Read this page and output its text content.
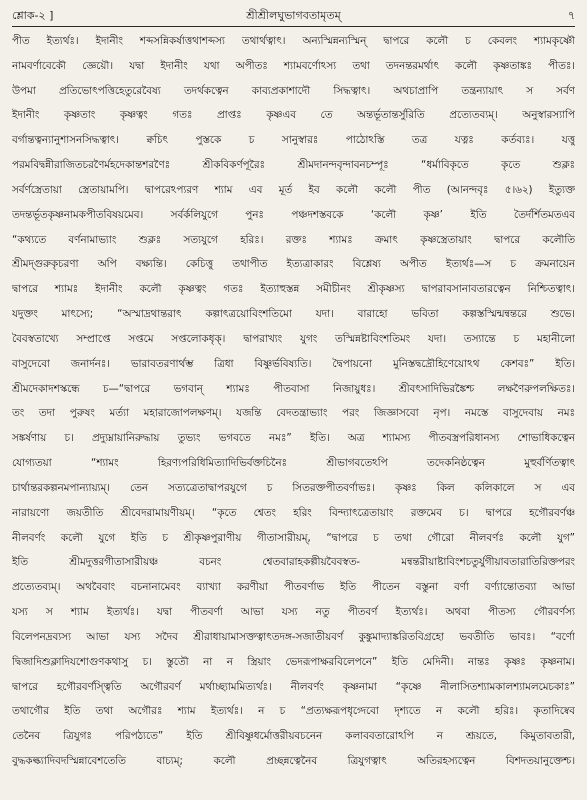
শ্লোক-২ ]	শ্রীশ্রীলঘুভাগবতামৃতম্	৭
পীত ইত্যর্থঃ। ইদানীং শব্দসন্নিকর্ষাত্তথাশব্দস্য তথার্থত্বাৎ। অন্যস্মিন্নন্যস্মিন্ দ্বাপরে কলৌ চ কেবলং শ্যামকৃষ্ণৌ
নামবর্ণাবেকৌ জ্ঞেয়ৌ। যদ্বা ইদানীং যথা অপীতঃ শ্যামবর্ণোঽস্য তথা তদনন্তরমর্থাৎ কলৌ কৃষ্ণতাঙ্কঃ পীতঃ।
উপমা প্রতিভোৎপত্তিহেতুরেবৈষ্য তদর্থকত্বেন কাব্যপ্রকাশাদৌ সিদ্ধত্বাৎ। অথচাপ্রাপি তন্ত্রন্যায়াৎ স সর্বণ
ইদানীং কৃষ্ণতাং কৃষ্ণত্বং গতঃ প্রাপ্তঃ কৃষ্ণএব তে অন্তর্ভূতান্তর্সুরিতি প্রত্যেতব্যম্। অনুস্বারস্যাপি
বর্গান্তত্বন্যানুশাসনসিদ্ধত্বাৎ। ক্বচিৎ পুস্তকে চ সানুস্বারঃ পাঠোঽস্তি তত্র যত্নঃ কর্তব্যঃ। যত্তু
পরমবিদ্বন্নীরাজিতচরণৈর্মহদেকান্তশরণৈঃ শ্রীকবিকর্ণপূরৈঃ শ্রীমদানন্দবৃন্দাবনচম্পূঃ “ধর্মাবিকৃতে কৃতে শুক্লঃ
সর্বর্ণস্ত্রেতায়া স্ত্রেতায়ামপি। দ্বাপরেঽপ্যরণ শ্যাম এব মূর্ত ইব কলৌ কলৌ পীত (আনন্দবৃঃ ৫।৬২) ইত্যুক্ত
তদন্তর্ভূতকৃষ্ণনামকপীতবিষয়মেব। সর্বর্কলিযুগে পুনঃ পঞ্চদশস্তবকে ‘কলৌ কৃষ্ণ’ ইতি তৈর্দর্শিতমতএব
“কথ্যতে বর্ণনামাভ্যাং শুক্লঃ সত্যযুগে হরিঃ। রক্তঃ শ্যামঃ ক্রমাৎ কৃষ্ণস্ত্রেতায়াং দ্বাপরে কলৌতি
শ্রীমদ্গুরুকৃচরণা অপি বক্ষ্যন্তি। কেচিত্তু তথাপীত ইত্যত্রাকারং বিশ্লেষ্য অপীত ইত্যর্থঃ—স চ ক্রমনায়েন
দ্বাপরে শ্যামঃ ইদানীং কলৌ কৃষ্ণত্বং গতঃ ইত্যাহুস্তন্ন সমীচীনং শ্রীকৃষ্ণস্য দ্বাপরাবসানাবতারত্বেন নিশ্চিতত্বাৎ।
যদুক্তং মাৎস্যে; “অস্মাদ্রথান্তরাৎ কল্পাৎত্রয়োবিংশতিমো যদা। বারাহো ভবিতা কল্পস্তস্মিন্মন্বন্তরে শুভে।
বৈবস্বতাখ্যে সম্প্রাপ্তে সপ্তমে সপ্তলোকধৃক্। দ্বাপরাখ্যং যুগং তস্মিন্নষ্টাবিংশতিমং যদা। তস্যান্তে চ মহানীলো
বাসুদেবো জনার্দনঃ। ভারাবতরণার্থম্ভ ত্রিধা বিষ্ণুর্ভবিষ্যতি। দ্বৈপায়নো মুনিস্তদ্বদ্রৌহিণেয়োঽথ কেশবঃ” ইতি।
শ্রীমদেকাদশস্কন্ধে চ—“দ্বাপরে ভগবান্ শ্যামঃ পীতবাসা নিজায়ুধঃ। শ্রীবৎসাদিভিরঙ্কৈশ্চ লক্ষণৈরুপলক্ষিতঃ।
তং তদা পুরুষং মর্ত্যা মহারাজোপলক্ষণম্। যজন্তি বেদতন্ত্রাভ্যাং পরং জিজ্ঞাসবো নৃপ। নমস্তে বাসুদেবায় নমঃ
সঙ্কর্ষণায় চ। প্রদ্যুম্নায়ানিরুদ্ধায় তুভ্যং ভগবতে নমঃ” ইতি। অত্র শ্যামস্য পীতবস্ত্রপরিধানস্য শোভাধিকত্বেন
যোগ্যতয়া “শ্যামং হিরণ্যপরিধিমিত্যাদিভির্বক্তচিনৈঃ শ্রীভাগবতেঽপি তদেকনিষ্ঠত্বেন মুহুর্বর্ণিতত্বাৎ
চার্থান্তরকল্পনমপান্যায়্যম্। তেন সত্যত্রেতাদ্বাপরযুগে চ সিতরক্তপীতবর্ণাভঃ। কৃষ্ণঃ কিল কলিকালে স এব
নারায়ণো জয়তীতি শ্রীবেদরামায়ণীয়ম্। “কৃতে শ্বেতং হরিং বিন্দ্যাৎত্রেতায়াং রক্তমেব চ। দ্বাপরে হগৌরবর্ণঞ্চ
নীলবর্ণং কলৌ যুগে ইতি চ শ্রীকৃষ্ণপুরাণীয় গীতাসারীয়ম্, “দ্বাপরে চ তথা গৌরো নীলবর্ণঃ কলৌ যুগ”
ইতি শ্রীমদুত্তরগীতাসারীয়ঞ্চ বচনং শ্বেতবারাহকল্পীয়বৈবস্বত- মন্বন্তরীয়াষ্টাবিংশচতুর্যুগীয়াবতারাতিরিক্তপরং
প্রত্যেতব্যম্। অথবৈবাং বচনানামেবং ব্যাখ্যা করণীয়া পীতবর্ণাভ ইতি পীতেন বস্তুনা বর্ণা বর্ণ্যান্তোতব্যা আভা
যস্য স শ্যাম ইত্যর্থঃ। যদ্বা পীতবর্ণা আভা যস্য নতু পীতবর্ণ ইত্যর্থঃ। অথবা পীতস্য গৌরবর্ণস্য
বিলেপনদ্রব্যস্য আভা যস্য সদৈব শ্রীরাধায়ামাসক্তত্বাৎতদঙ্গ-সজাতীয়বর্ণ কুঙ্কুমাদ্যাঙ্করিতবিগ্রহো ভবতীতি ভাবঃ। “বর্ণো
দ্বিজাদিশুক্লাদিযশোগুণকথাসু চ। স্তুতৌ না ন স্ত্রিয়াং ভেদরূপাক্ষরবিলেপনে” ইতি মেদিনী। নান্তঃ কৃষ্ণঃ কৃষ্ণনাম।
দ্বাপরে হগৌরবর্ণস্ত্বিতি অগৌরবর্ণ মর্থাচ্ছ্যামমিত্যর্থঃ। নীলবর্ণং কৃষ্ণনামা “কৃষ্ণে নীলাসিতশ্যামকালশ্যামলমেচকাঃ”
তথাগৌর ইতি তথা অগৌরঃ শ্যাম ইত্যর্থঃ। ন চ “প্রত্যক্ষরূপধৃগ্দেবো দৃশ্যতে ন কলৌ হরিঃ। কৃতাদিষ্বেব
তেনৈব ত্রিযুগঃ পরিপঠ্যতে” ইতি শ্রীবিষ্ণুধর্মোত্তরীয়বচনেন কলাববতারোঽপি ন শ্রূয়তে, কিমুতাবতারী,
বুদ্ধকল্ক্যাদিবদস্মিন্নাবেশতেতি বাচ্যম্; কলৌ প্রচ্ছন্নত্বেনৈব ত্রিযুগত্বাৎ অতিরহস্যত্বেন বিশদতয়ানুক্তেশ্চ।
